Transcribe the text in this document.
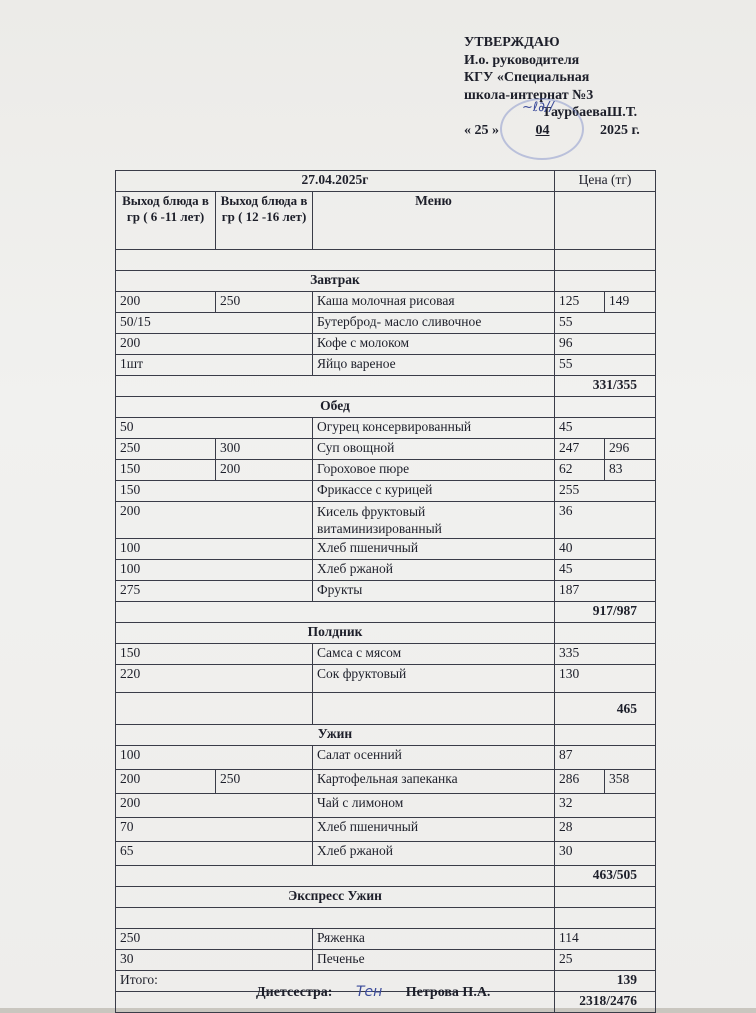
УТВЕРЖДАЮ
И.о. руководителя
КГУ «Специальная
школа-интернат №3
ТаурбаеваШ.Т.
« 25 »	04	2025 г.
~ℓ∂//
27.04.2025г			Цена (тг)	
Выход блюда в гр ( 6 -11 лет)	Выход блюда в гр ( 12 -16 лет)	Меню		

Завтрак				
200	250	Каша молочная рисовая	125	149
50/15		Бутерброд- масло сливочное	55	
200		Кофе с молоком	96	
1шт		Яйцо вареное	55	
			331/355	
Обед				
50		Огурец консервированный	45	
250	300	Суп овощной	247	296
150	200	Гороховое пюре	62	83
150		Фрикассе с курицей	255	
200		Кисель фруктовый витаминизированный	36	
100		Хлеб пшеничный	40	
100		Хлеб ржаной	45	
275		Фрукты	187	
			917/987	
Полдник				
150		Самса с мясом	335	
220		Сок фруктовый	130	
			465	
Ужин				
100		Салат осенний	87	
200	250	Картофельная запеканка	286	358
200		Чай с лимоном	32	
70		Хлеб пшеничный	28	
65		Хлеб ржаной	30	
			463/505	
Экспресс Ужин				

250		Ряженка	114	
30		Печенье	25	
Итого:			139	
			2318/2476	
Диетсестра: Тен Петрова П.А.
